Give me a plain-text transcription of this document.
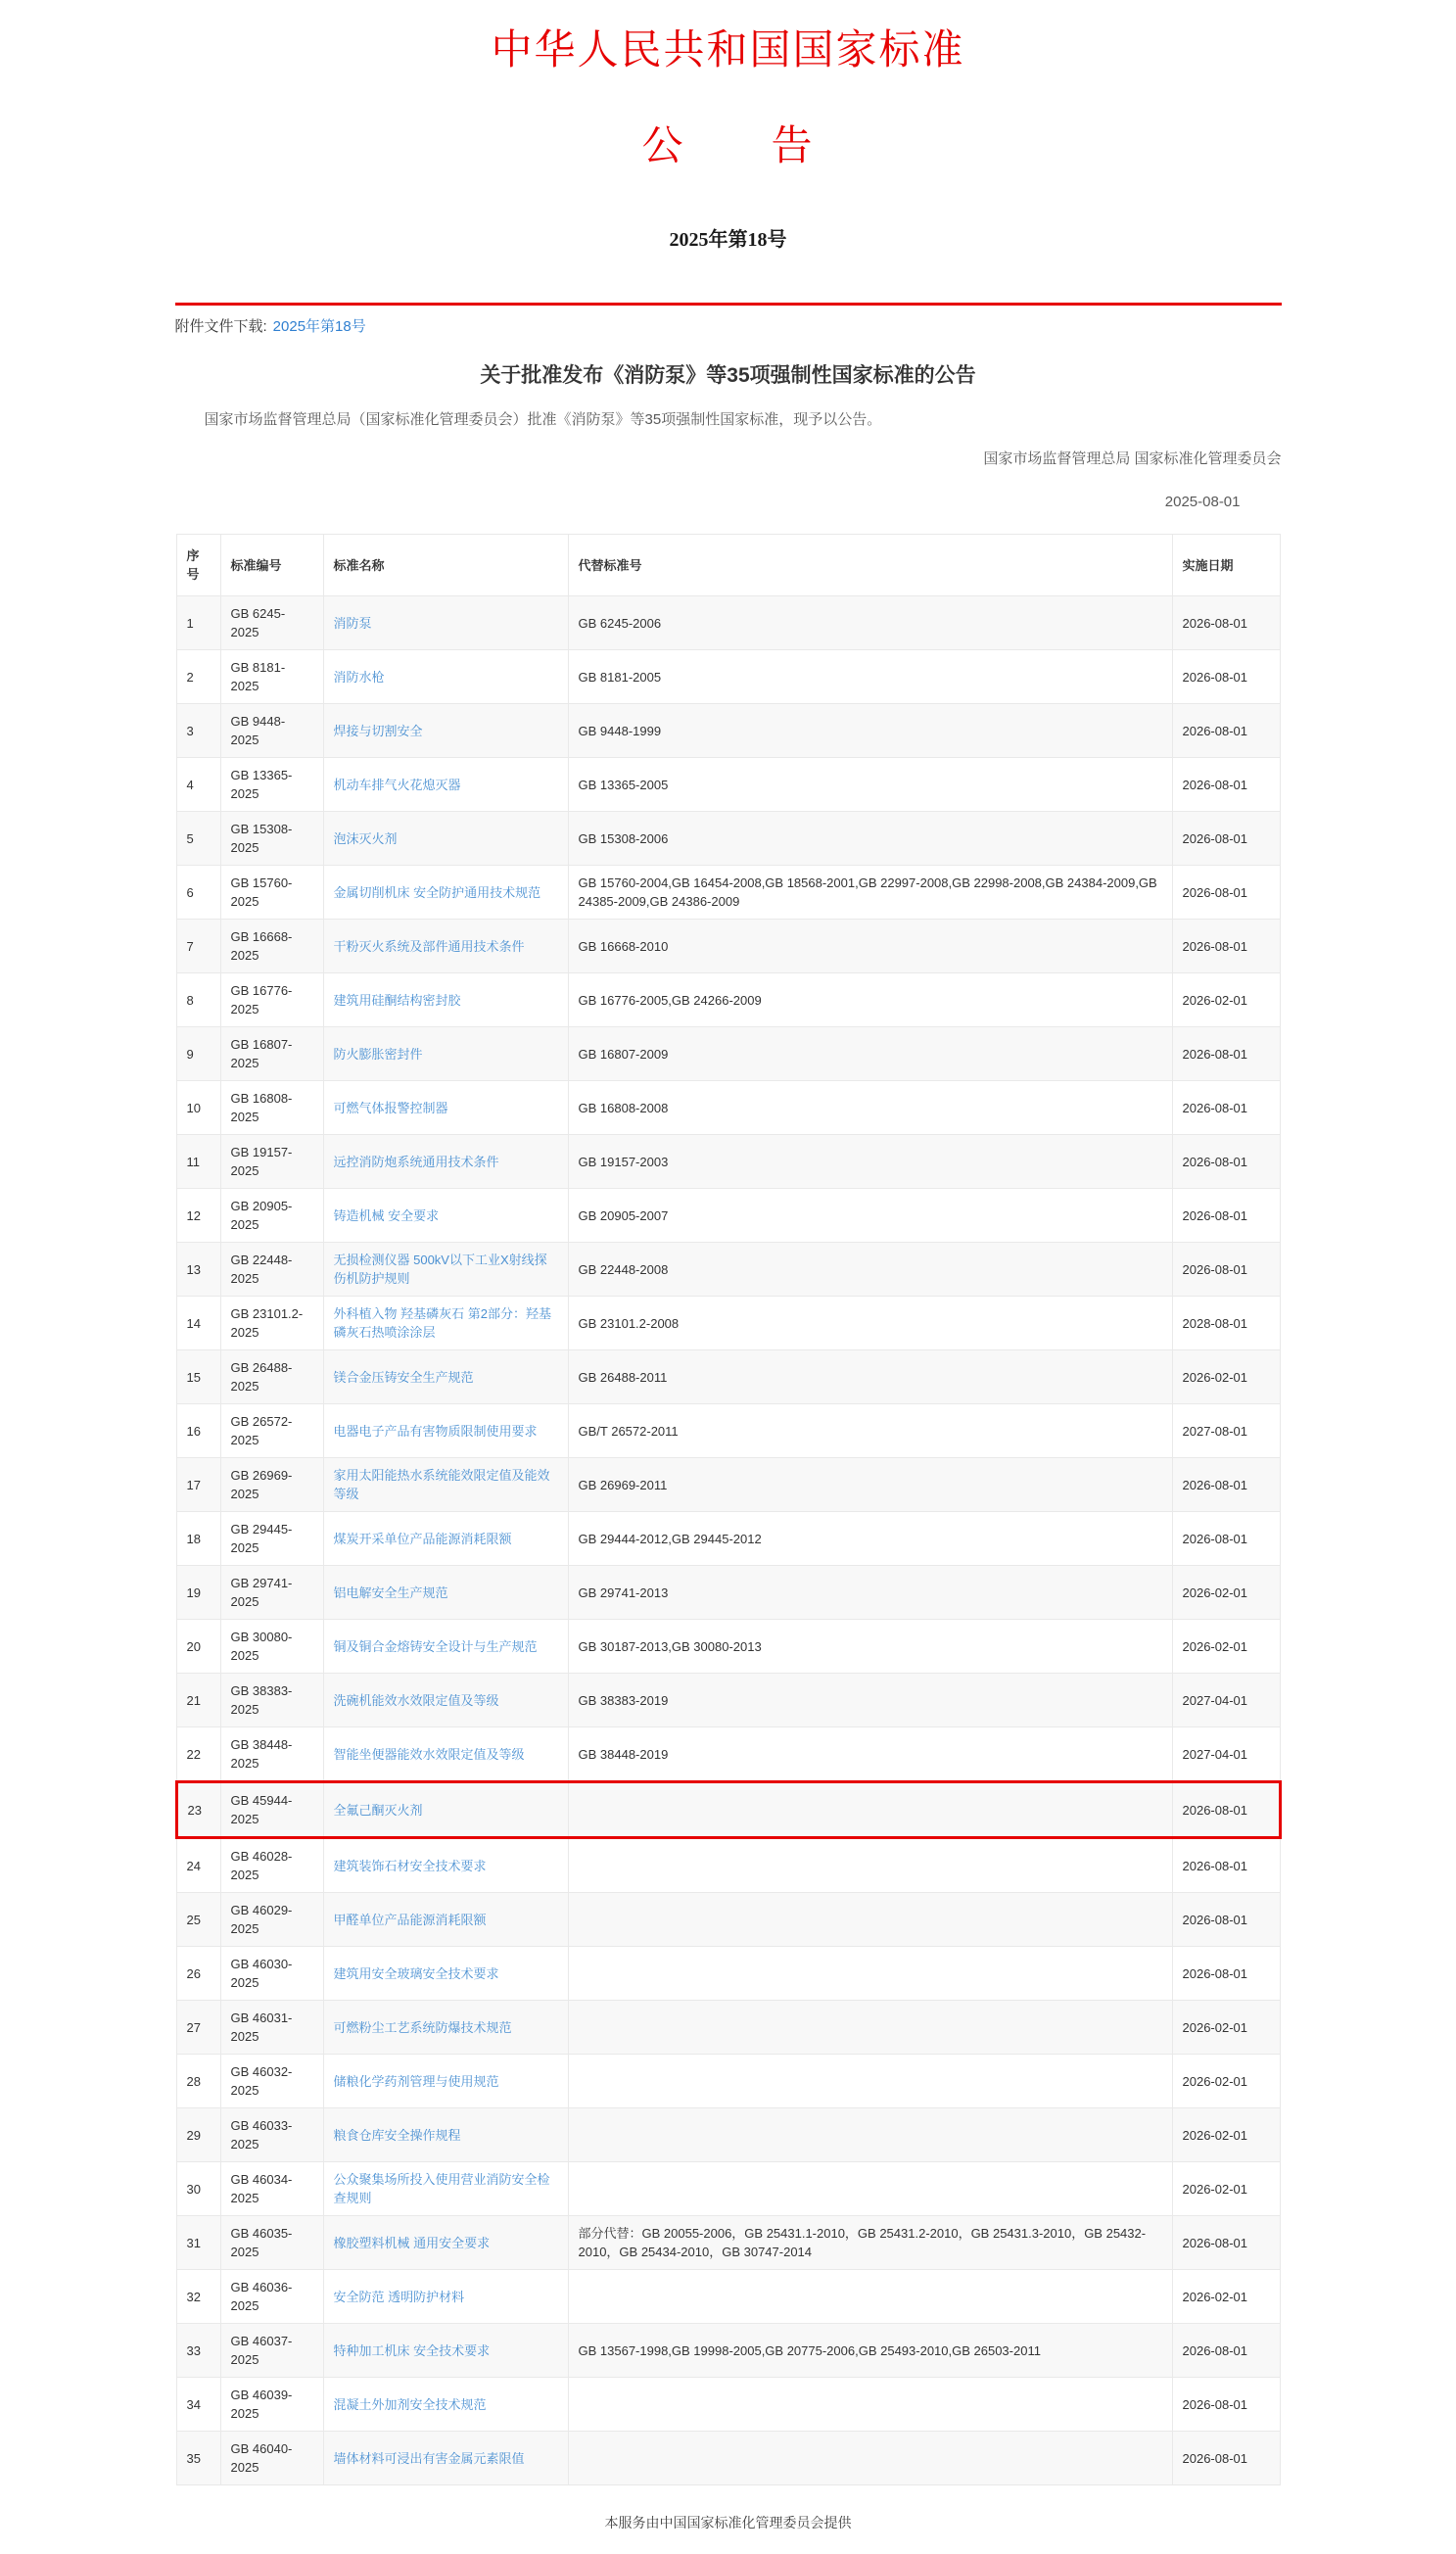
中华人民共和国国家标准
公　　告
2025年第18号
附件文件下载: 2025年第18号
关于批准发布《消防泵》等35项强制性国家标准的公告

国家市场监督管理总局（国家标准化管理委员会）批准《消防泵》等35项强制性国家标准，现予以公告。

国家市场监督管理总局 国家标准化管理委员会
2025-08-01
序号	标准编号	标准名称	代替标准号	实施日期
1	GB 6245-2025	消防泵	GB 6245-2006	2026-08-01
2	GB 8181-2025	消防水枪	GB 8181-2005	2026-08-01
3	GB 9448-2025	焊接与切割安全	GB 9448-1999	2026-08-01
4	GB 13365-2025	机动车排气火花熄灭器	GB 13365-2005	2026-08-01
5	GB 15308-2025	泡沫灭火剂	GB 15308-2006	2026-08-01
6	GB 15760-2025	金属切削机床 安全防护通用技术规范	GB 15760-2004,GB 16454-2008,GB 18568-2001,GB 22997-2008,GB 22998-2008,GB 24384-2009,GB 24385-2009,GB 24386-2009	2026-08-01
7	GB 16668-2025	干粉灭火系统及部件通用技术条件	GB 16668-2010	2026-08-01
8	GB 16776-2025	建筑用硅酮结构密封胶	GB 16776-2005,GB 24266-2009	2026-02-01
9	GB 16807-2025	防火膨胀密封件	GB 16807-2009	2026-08-01
10	GB 16808-2025	可燃气体报警控制器	GB 16808-2008	2026-08-01
11	GB 19157-2025	远控消防炮系统通用技术条件	GB 19157-2003	2026-08-01
12	GB 20905-2025	铸造机械 安全要求	GB 20905-2007	2026-08-01
13	GB 22448-2025	无损检测仪器 500kV以下工业X射线探伤机防护规则	GB 22448-2008	2026-08-01
14	GB 23101.2-2025	外科植入物 羟基磷灰石 第2部分：羟基磷灰石热喷涂涂层	GB 23101.2-2008	2028-08-01
15	GB 26488-2025	镁合金压铸安全生产规范	GB 26488-2011	2026-02-01
16	GB 26572-2025	电器电子产品有害物质限制使用要求	GB/T 26572-2011	2027-08-01
17	GB 26969-2025	家用太阳能热水系统能效限定值及能效等级	GB 26969-2011	2026-08-01
18	GB 29445-2025	煤炭开采单位产品能源消耗限额	GB 29444-2012,GB 29445-2012	2026-08-01
19	GB 29741-2025	铝电解安全生产规范	GB 29741-2013	2026-02-01
20	GB 30080-2025	铜及铜合金熔铸安全设计与生产规范	GB 30187-2013,GB 30080-2013	2026-02-01
21	GB 38383-2025	洗碗机能效水效限定值及等级	GB 38383-2019	2027-04-01
22	GB 38448-2025	智能坐便器能效水效限定值及等级	GB 38448-2019	2027-04-01
23	GB 45944-2025	全氟己酮灭火剂		2026-08-01
24	GB 46028-2025	建筑装饰石材安全技术要求		2026-08-01
25	GB 46029-2025	甲醛单位产品能源消耗限额		2026-08-01
26	GB 46030-2025	建筑用安全玻璃安全技术要求		2026-08-01
27	GB 46031-2025	可燃粉尘工艺系统防爆技术规范		2026-02-01
28	GB 46032-2025	储粮化学药剂管理与使用规范		2026-02-01
29	GB 46033-2025	粮食仓库安全操作规程		2026-02-01
30	GB 46034-2025	公众聚集场所投入使用营业消防安全检查规则		2026-02-01
31	GB 46035-2025	橡胶塑料机械 通用安全要求	部分代替：GB 20055-2006，GB 25431.1-2010，GB 25431.2-2010，GB 25431.3-2010，GB 25432-2010，GB 25434-2010，GB 30747-2014	2026-08-01
32	GB 46036-2025	安全防范 透明防护材料		2026-02-01
33	GB 46037-2025	特种加工机床 安全技术要求	GB 13567-1998,GB 19998-2005,GB 20775-2006,GB 25493-2010,GB 26503-2011	2026-08-01
34	GB 46039-2025	混凝土外加剂安全技术规范		2026-08-01
35	GB 46040-2025	墙体材料可浸出有害金属元素限值		2026-08-01
本服务由中国国家标准化管理委员会提供
